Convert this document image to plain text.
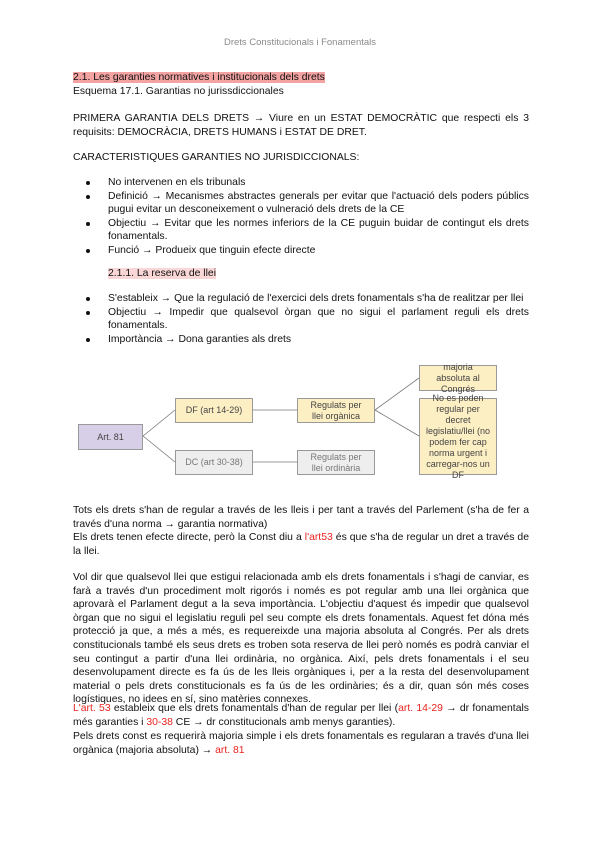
Drets Constitucionals i Fonamentals
2.1. Les garanties normatives i institucionals dels drets
Esquema 17.1. Garantias no jurissdiccionales
PRIMERA GARANTIA DELS DRETS → Viure en un ESTAT DEMOCRÀTIC que respecti els 3 requisits: DEMOCRÀCIA, DRETS HUMANS i ESTAT DE DRET.
CARACTERISTIQUES GARANTIES NO JURISDICCIONALS:
No intervenen en els tribunals
Definició → Mecanismes abstractes generals per evitar que l'actuació dels poders públics pugui evitar un desconeixement o vulneració dels drets de la CE
Objectiu → Evitar que les normes inferiors de la CE puguin buidar de contingut els drets fonamentals.
Funció → Produeix que tinguin efecte directe
2.1.1. La reserva de llei
S'estableix → Que la regulació de l'exercici dels drets fonamentals s'ha de realitzar per llei
Objectiu → Impedir que qualsevol òrgan que no sigui el parlament reguli els drets fonamentals.
Importància → Dona garanties als drets
Art. 81
DF (art 14-29)
DC (art 30-38)
Regulats per llei orgànica
Regulats per llei ordinària
majoria absoluta al Congrés
No es poden regular per decret legislatiu/llei (no podem fer cap norma urgent i carregar-nos un DF
Tots els drets s'han de regular a través de les lleis i per tant a través del Parlement (s'ha de fer a través d'una norma → garantia normativa)
Els drets tenen efecte directe, però la Const diu a l'art53 és que s'ha de regular un dret a través de la llei.
Vol dir que qualsevol llei que estigui relacionada amb els drets fonamentals i s'hagi de canviar, es farà a través d'un procediment molt rigorós i només es pot regular amb una llei orgànica que aprovarà el Parlament degut a la seva importància. L'objectiu d'aquest és impedir que qualsevol òrgan que no sigui el legislatiu reguli pel seu compte els drets fonamentals. Aquest fet dóna més protecció ja que, a més a més, es requereixde una majoria absoluta al Congrés. Per als drets constitucionals també els seus drets es troben sota reserva de llei però només es podrà canviar el seu contingut a partir d'una llei ordinària, no orgànica. Així, pels drets fonamentals i el seu desenvolupament directe es fa ús de les lleis orgàniques i, per a la resta del desenvolupament material o pels drets constitucionals es fa ús de les ordinàries; és a dir, quan són més coses logístiques, no idees en sí, sino matèries connexes.
L'art. 53 estableix que els drets fonamentals d'han de regular per llei (art. 14-29 → dr fonamentals més garanties i 30-38 CE → dr constitucionals amb menys garanties).
Pels drets const es requerirà majoria simple i els drets fonamentals es regularan a través d'una llei orgànica (majoria absoluta) → art. 81
